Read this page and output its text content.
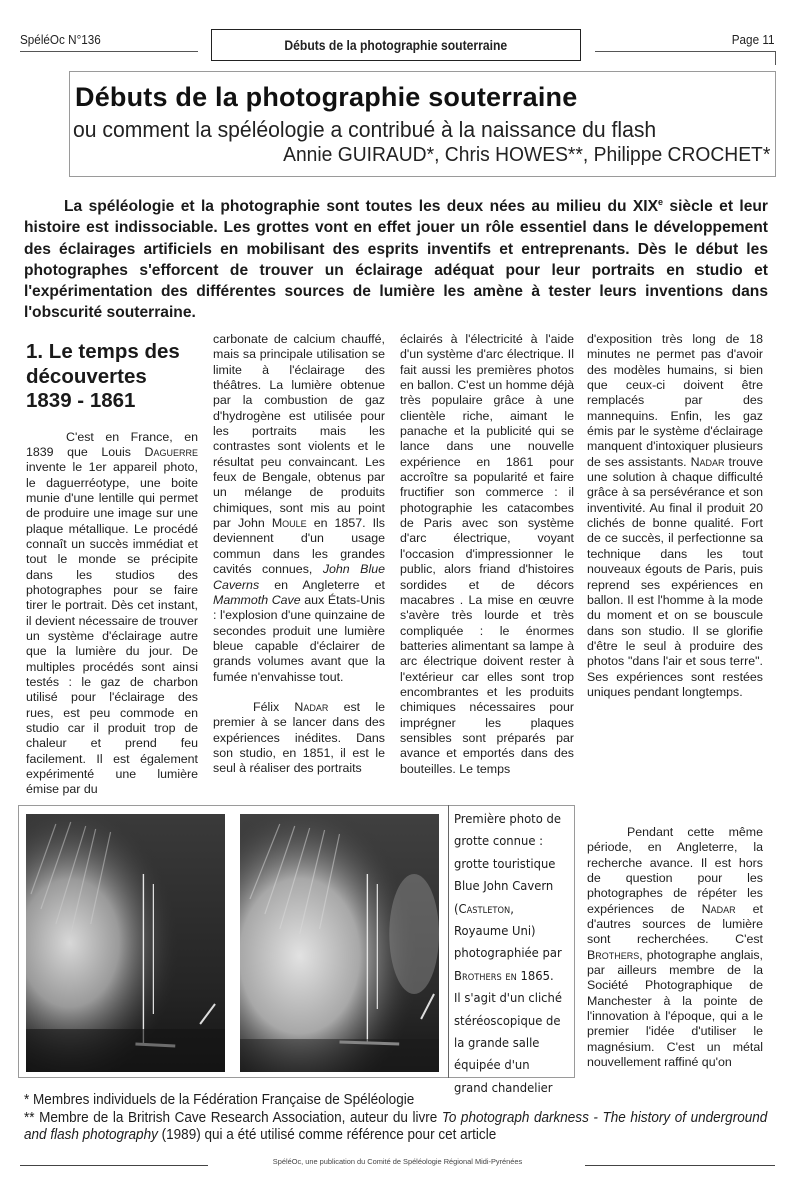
SpéléOc N°136	Débuts de la photographie souterraine	Page 11
Débuts de la photographie souterraine
ou comment la spéléologie a contribué à la naissance du flash
Annie GUIRAUD*, Chris HOWES**, Philippe CROCHET*

La spéléologie et la photographie sont toutes les deux nées au milieu du XIXe siècle et leur histoire est indissociable. Les grottes vont en effet jouer un rôle essentiel dans le développement des éclairages artificiels en mobilisant des esprits inventifs et entreprenants. Dès le début les photographes s'efforcent de trouver un éclairage adéquat pour leur portraits en studio et l'expérimentation des différentes sources de lumière les amène à tester leurs inventions dans l'obscurité souterraine.

1. Le temps des
découvertes
1839 - 1861

C'est en France, en 1839 que Louis Daguerre invente le 1er appareil photo, le daguerréotype, une boite munie d'une lentille qui permet de produire une image sur une plaque métallique. Le procédé connaît un succès immédiat et tout le monde se précipite dans les studios des photographes pour se faire tirer le portrait. Dès cet instant, il devient nécessaire de trouver un système d'éclairage autre que la lumière du jour. De multiples procédés sont ainsi testés : le gaz de charbon utilisé pour l'éclairage des rues, est peu commode en studio car il produit trop de chaleur et prend feu facilement. Il est également expérimenté une lumière émise par du

carbonate de calcium chauffé, mais sa principale utilisation se limite à l'éclairage des théâtres. La lumière obtenue par la combustion de gaz d'hydrogène est utilisée pour les portraits mais les contrastes sont violents et le résultat peu convaincant. Les feux de Bengale, obtenus par un mélange de produits chimiques, sont mis au point par John Moule en 1857. Ils deviennent d'un usage commun dans les grandes cavités connues, John Blue Caverns en Angleterre et Mammoth Cave aux États-Unis : l'explosion d'une quinzaine de secondes produit une lumière bleue capable d'éclairer de grands volumes avant que la fumée n'envahisse tout.

Félix Nadar est le premier à se lancer dans des expériences inédites. Dans son studio, en 1851, il est le seul à réaliser des portraits

éclairés à l'électricité à l'aide d'un système d'arc électrique. Il fait aussi les premières photos en ballon. C'est un homme déjà très populaire grâce à une clientèle riche, aimant le panache et la publicité qui se lance dans une nouvelle expérience en 1861 pour accroître sa popularité et faire fructifier son commerce : il photographie les catacombes de Paris avec son système d'arc électrique, voyant l'occasion d'impressionner le public, alors friand d'histoires sordides et de décors macabres . La mise en œuvre s'avère très lourde et très compliquée : le énormes batteries alimentant sa lampe à arc électrique doivent rester à l'extérieur car elles sont trop encombrantes et les produits chimiques nécessaires pour imprégner les plaques sensibles sont préparés par avance et emportés dans des bouteilles. Le temps

d'exposition très long de 18 minutes ne permet pas d'avoir des modèles humains, si bien que ceux-ci doivent être remplacés par des mannequins. Enfin, les gaz émis par le système d'éclairage manquent d'intoxiquer plusieurs de ses assistants. Nadar trouve une solution à chaque difficulté grâce à sa persévérance et son inventivité. Au final il produit 20 clichés de bonne qualité. Fort de ce succès, il perfectionne sa technique dans les tout nouveaux égouts de Paris, puis reprend ses expériences en ballon. Il est l'homme à la mode du moment et on se bouscule dans son studio. Il se glorifie d'être le seul à produire des photos "dans l'air et sous terre". Ses expériences sont restées uniques pendant longtemps.

Pendant cette même période, en Angleterre, la recherche avance. Il est hors de question pour les photographes de répéter les expériences de Nadar et d'autres sources de lumière sont recherchées. C'est Brothers, photographe anglais, par ailleurs membre de la Société Photographique de Manchester à la pointe de l'innovation à l'époque, qui a le premier l'idée d'utiliser le magnésium. C'est un métal nouvellement raffiné qu'on

Première photo de
grotte connue :
grotte touristique
Blue John Cavern
(Castleton,
Royaume Uni)
photographiée par
Brothers en 1865.
Il s'agit d'un cliché
stéréoscopique de
la grande salle
équipée d'un
grand chandelier

* Membres individuels de la Fédération Française de Spéléologie

** Membre de la Britrish Cave Research Association, auteur du livre To photograph darkness - The history of underground and flash photography (1989) qui a été utilisé comme référence pour cet article

SpéléOc, une publication du Comité de Spéléologie Régional Midi-Pyrénées
